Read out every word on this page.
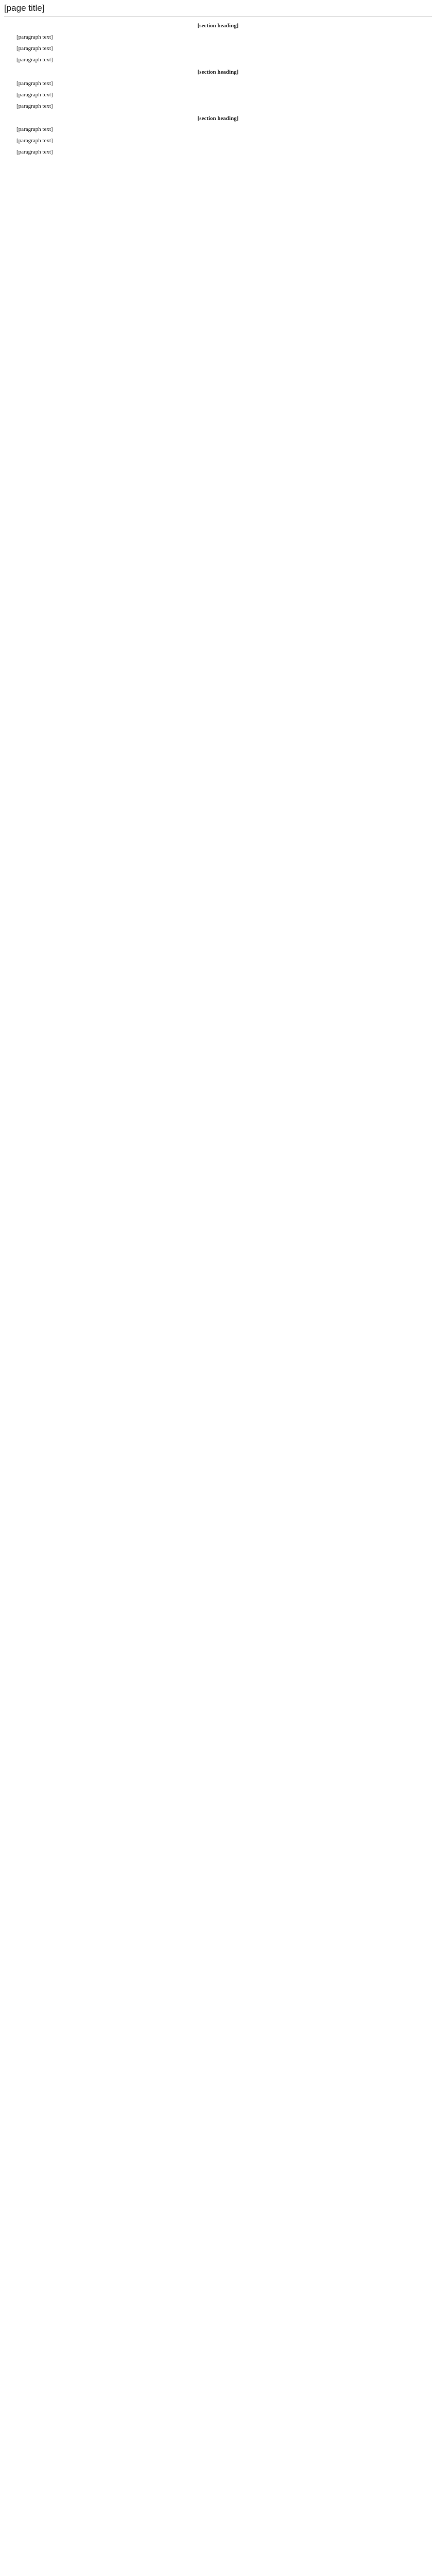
[page title]
[section heading]

[paragraph text]

[paragraph text]

[paragraph text]

[section heading]

[paragraph text]

[paragraph text]

[paragraph text]

[section heading]

[paragraph text]

[paragraph text]

[paragraph text]
